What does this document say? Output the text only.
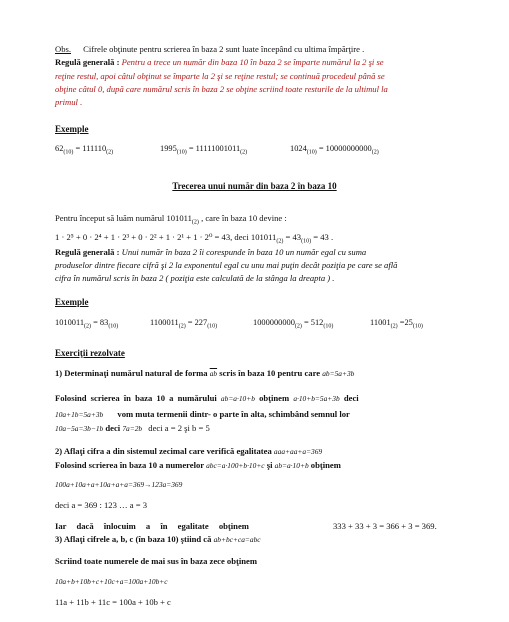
Obs. Cifrele obţinute pentru scrierea în baza 2 sunt luate începând cu ultima împărţire .
Regulă generală : Pentru a trece un număr din baza 10 în baza 2 se împarte numărul la 2 şi se
reţine restul, apoi câtul obţinut se împarte la 2 şi se reţine restul; se continuă procedeul până se
obţine câtul 0, după care numărul scris în baza 2 se obţine scriind toate resturile de la ultimul la
primul .
Exemple
$62_{(10)} = 111110_{(2)}$	$1995_{(10)} = 11111001011_{(2)}$	$1024_{(10)} = 10000000000_{(2)}$
Trecerea unui număr din baza 2 în baza 10
Pentru început să luăm numărul $101011_{(2)}$ , care în baza 10 devine :
1 · 2⁵ + 0 · 2⁴ + 1 · 2³ + 0 · 2² + 1 · 2¹ + 1 · 2⁰ = 43, deci $101011_{(2)} = 43_{(10)} = 43$ .
Regulă generală : Unui număr în baza 2 îi corespunde în baza 10 un număr egal cu suma
produselor dintre fiecare cifră şi 2 la exponentul egal cu unu mai puţin decât poziţia pe care se află
cifra în numărul scris în baza 2 ( poziţia este calculată de la stânga la dreapta ) .
Exemple
$1010011_{(2)} = 83_{(10)}$	$1100011_{(2)} = 227_{(10)}$	$1000000000_{(2)} = 512_{(10)}$	$11001_{(2)} =25_{(10)}$
Exerciţii rezolvate
1) Determinaţi numărul natural de forma $\overline{ab}$ scris în baza 10 pentru care ab=5a+3b
Folosind scrierea în baza 10 a numărului ab=a·10+b obţinem a·10+b=5a+3b deci
10a+1b=5a+3b vom muta termenii dintr- o parte în alta, schimbând semnul lor
10a−5a=3b−1b deci 7a=2b deci a = 2 şi b = 5
2) Aflaţi cifra a din sistemul zecimal care verifică egalitatea aaa+aa+a=369
Folosind scrierea în baza 10 a numerelor abc=a·100+b·10+c şi ab=a·10+b obţinem
100a+10a+a+10a+a+a=369→123a=369
deci a = 369 : 123 … a = 3
Iar dacă înlocuim a în egalitate obţinem	333 + 33 + 3 = 366 + 3 = 369.
3) Aflaţi cifrele a, b, c (în baza 10) ştiind că ab+bc+ca=abc
Scriind toate numerele de mai sus în baza zece obţinem
10a+b+10b+c+10c+a=100a+10b+c
11a + 11b + 11c = 100a + 10b + c
